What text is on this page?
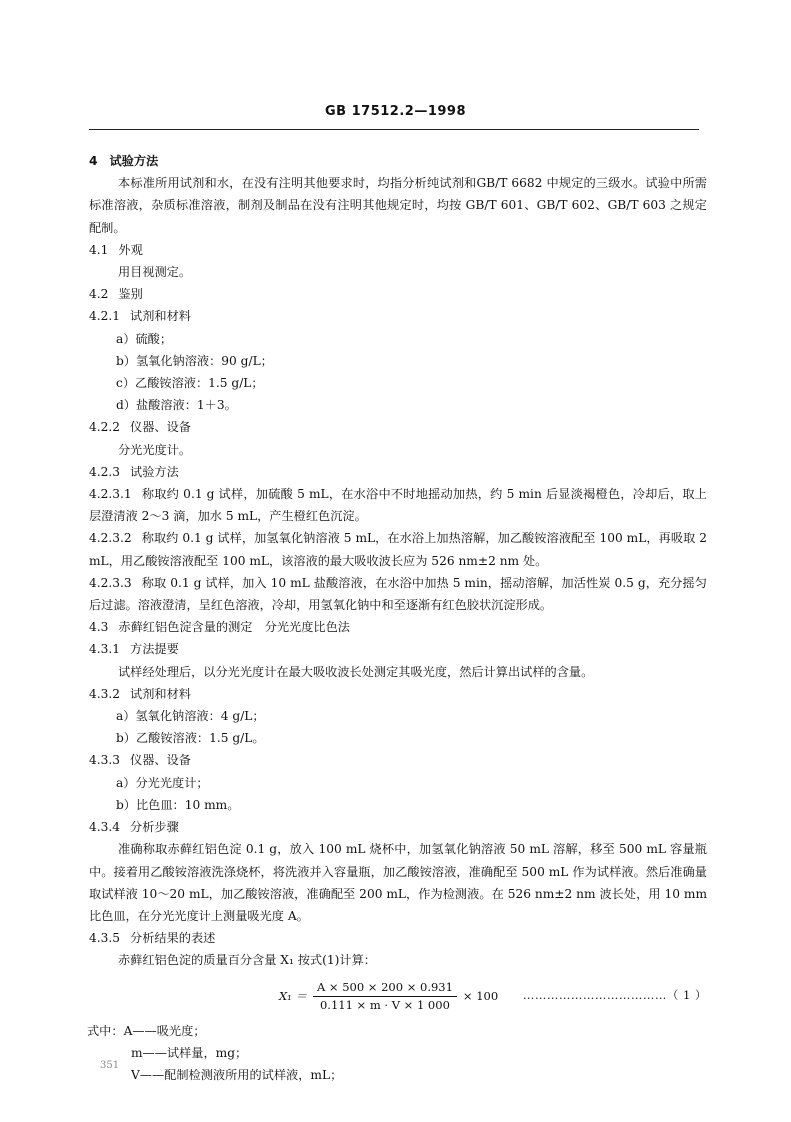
GB 17512.2—1998

4 试验方法

本标准所用试剂和水，在没有注明其他要求时，均指分析纯试剂和GB/T 6682 中规定的三级水。试验中所需标准溶液，杂质标准溶液，制剂及制品在没有注明其他规定时，均按 GB/T 601、GB/T 602、GB/T 603 之规定配制。

4.1 外观

用目视测定。

4.2 鉴别

4.2.1 试剂和材料

a）硫酸；

b）氢氧化钠溶液：90 g/L；

c）乙酸铵溶液：1.5 g/L；

d）盐酸溶液：1＋3。

4.2.2 仪器、设备

分光光度计。

4.2.3 试验方法

4.2.3.1 称取约 0.1 g 试样，加硫酸 5 mL，在水浴中不时地摇动加热，约 5 min 后显淡褐橙色，冷却后，取上层澄清液 2～3 滴，加水 5 mL，产生橙红色沉淀。

4.2.3.2 称取约 0.1 g 试样，加氢氧化钠溶液 5 mL，在水浴上加热溶解，加乙酸铵溶液配至 100 mL，再吸取 2 mL，用乙酸铵溶液配至 100 mL，该溶液的最大吸收波长应为 526 nm±2 nm 处。

4.2.3.3 称取 0.1 g 试样，加入 10 mL 盐酸溶液，在水浴中加热 5 min，摇动溶解，加活性炭 0.5 g，充分摇匀后过滤。溶液澄清，呈红色溶液，冷却，用氢氧化钠中和至逐渐有红色胶状沉淀形成。

4.3 赤藓红铝色淀含量的测定　分光光度比色法

4.3.1 方法提要

试样经处理后，以分光光度计在最大吸收波长处测定其吸光度，然后计算出试样的含量。

4.3.2 试剂和材料

a）氢氧化钠溶液：4 g/L；

b）乙酸铵溶液：1.5 g/L。

4.3.3 仪器、设备

a）分光光度计；

b）比色皿：10 mm。

4.3.4 分析步骤

准确称取赤藓红铝色淀 0.1 g，放入 100 mL 烧杯中，加氢氧化钠溶液 50 mL 溶解，移至 500 mL 容量瓶中。接着用乙酸铵溶液洗涤烧杯，将洗液并入容量瓶，加乙酸铵溶液，准确配至 500 mL 作为试样液。然后准确量取试样液 10～20 mL，加乙酸铵溶液，准确配至 200 mL，作为检测液。在 526 nm±2 nm 波长处，用 10 mm 比色皿，在分光光度计上测量吸光度 A。

4.3.5 分析结果的表述

赤藓红铝色淀的质量百分含量 X₁ 按式(1)计算：

$X_1 = \frac{A \times 500 \times 200 \times 0.931}{0.111 \times m \cdot V \times 1 000} \times 100$ ………………………………（ 1 ）

式中：A——吸光度；

m——试样量，mg；

V——配制检测液所用的试样液，mL；

351
